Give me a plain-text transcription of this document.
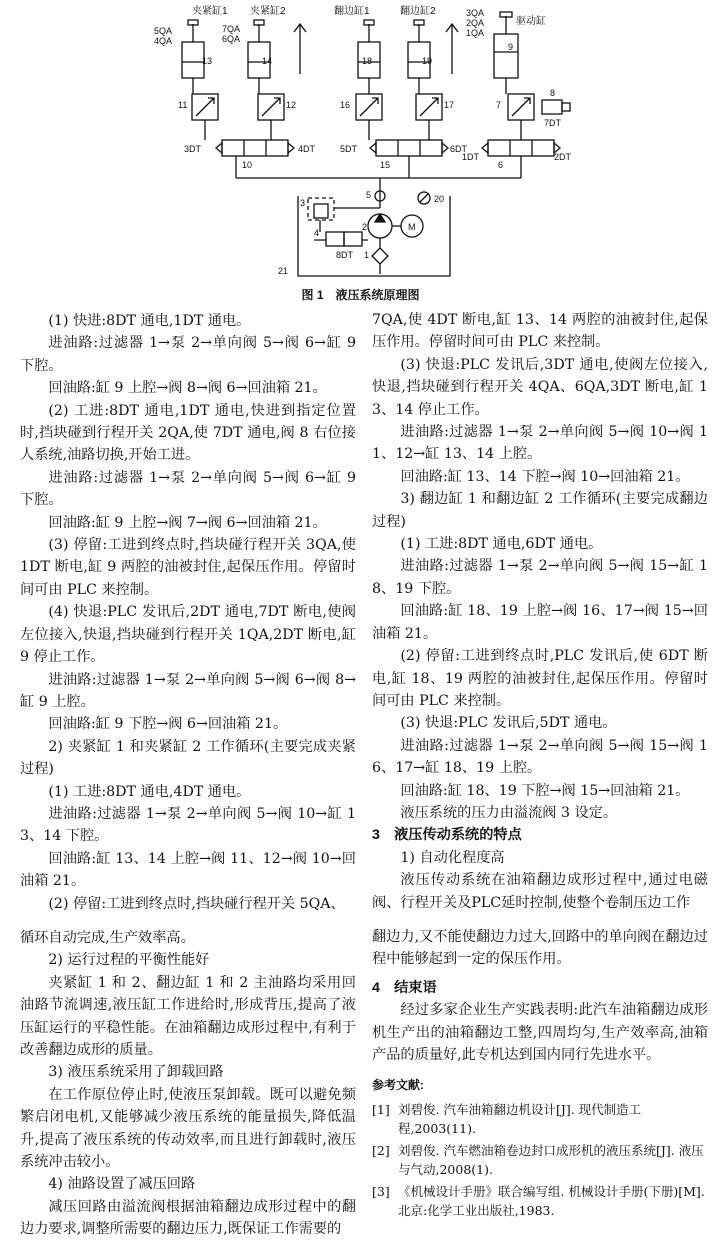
夹紧缸1 夹紧缸2	翻边缸1	翻边缸2
驱动缸
5QA
4QA
7QA
6QA
3QA
2QA
1QA
13	14	18	19
9
11	12	16	17	7
8
7DT
3DT	4DT	5DT	6DT
1DT	2DT
10	15	6
3
5	20
2
4
1
21
8DT
M
图 1　液压系统原理图

(1) 快进:8DT 通电,1DT 通电。

进油路:过滤器 1→泵 2→单向阀 5→阀 6→缸 9 下腔。

回油路:缸 9 上腔→阀 8→阀 6→回油箱 21。

(2) 工进:8DT 通电,1DT 通电,快进到指定位置时,挡块碰到行程开关 2QA,使 7DT 通电,阀 8 右位接人系统,油路切换,开始工进。

进油路:过滤器 1→泵 2→单向阀 5→阀 6→缸 9 下腔。

回油路:缸 9 上腔→阀 7→阀 6→回油箱 21。

(3) 停留:工进到终点时,挡块碰行程开关 3QA,使 1DT 断电,缸 9 两腔的油被封住,起保压作用。停留时间可由 PLC 来控制。

(4) 快退:PLC 发讯后,2DT 通电,7DT 断电,使阀左位接入,快退,挡块碰到行程开关 1QA,2DT 断电,缸 9 停止工作。

进油路:过滤器 1→泵 2→单向阀 5→阀 6→阀 8→缸 9 上腔。

回油路:缸 9 下腔→阀 6→回油箱 21。

2) 夹紧缸 1 和夹紧缸 2 工作循环(主要完成夹紧过程)

(1) 工进:8DT 通电,4DT 通电。

进油路:过滤器 1→泵 2→单向阀 5→阀 10→缸 13、14 下腔。

回油路:缸 13、14 上腔→阀 11、12→阀 10→回油箱 21。

(2) 停留:工进到终点时,挡块碰行程开关 5QA、

循环自动完成,生产效率高。

2) 运行过程的平衡性能好

夹紧缸 1 和 2、翻边缸 1 和 2 主油路均采用回油路节流调速,液压缸工作进给时,形成背压,提高了液压缸运行的平稳性能。在油箱翻边成形过程中,有利于改善翻边成形的质量。

3) 液压系统采用了卸载回路

在工作原位停止时,使液压泵卸载。既可以避免频繁启闭电机,又能够减少液压系统的能量损失,降低温升,提高了液压系统的传动效率,而且进行卸载时,液压系统冲击较小。

4) 油路设置了减压回路

减压回路由溢流阀根据油箱翻边成形过程中的翻边力要求,调整所需要的翻边压力,既保证工作需要的

7QA,使 4DT 断电,缸 13、14 两腔的油被封住,起保压作用。停留时间可由 PLC 来控制。

(3) 快退:PLC 发讯后,3DT 通电,使阀左位接入,快退,挡块碰到行程开关 4QA、6QA,3DT 断电,缸 13、14 停止工作。

进油路:过滤器 1→泵 2→单向阀 5→阀 10→阀 11、12→缸 13、14 上腔。

回油路:缸 13、14 下腔→阀 10→回油箱 21。

3) 翻边缸 1 和翻边缸 2 工作循环(主要完成翻边过程)

(1) 工进:8DT 通电,6DT 通电。

进油路:过滤器 1→泵 2→单向阀 5→阀 15→缸 18、19 下腔。

回油路:缸 18、19 上腔→阀 16、17→阀 15→回油箱 21。

(2) 停留:工进到终点时,PLC 发讯后,使 6DT 断电,缸 18、19 两腔的油被封住,起保压作用。停留时间可由 PLC 来控制。

(3) 快退:PLC 发讯后,5DT 通电。

进油路:过滤器 1→泵 2→单向阀 5→阀 15→阀 16、17→缸 18、19 上腔。

回油路:缸 18、19 下腔→阀 15→回油箱 21。

液压系统的压力由溢流阀 3 设定。

3　液压传动系统的特点

1) 自动化程度高

液压传动系统在油箱翻边成形过程中,通过电磁阀、行程开关及PLC延时控制,使整个卷制压边工作

翻边力,又不能使翻边力过大,回路中的单向阀在翻边过程中能够起到一定的保压作用。

4　结束语

经过多家企业生产实践表明:此汽车油箱翻边成形机生产出的油箱翻边工整,四周均匀,生产效率高,油箱产品的质量好,此专机达到国内同行先进水平。

参考文献:
[1] 刘碧俊. 汽车油箱翻边机设计[J]. 现代制造工程,2003(11).
[2] 刘碧俊. 汽车燃油箱卷边封口成形机的液压系统[J]. 液压与气动,2008(1).
[3] 《机械设计手册》联合编写组. 机械设计手册(下册)[M]. 北京:化学工业出版社,1983.
